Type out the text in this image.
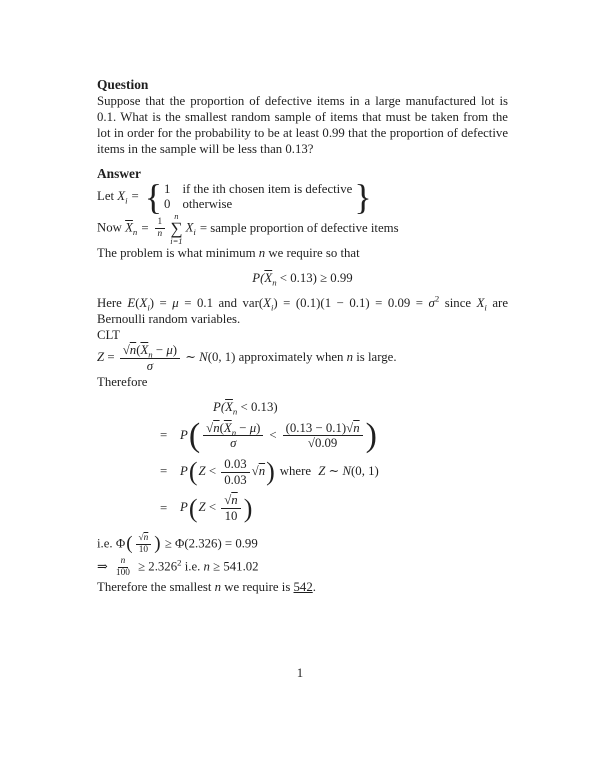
Question

Suppose that the proportion of defective items in a large manufactured lot is 0.1. What is the smallest random sample of items that must be taken from the lot in order for the probability to be at least 0.99 that the proportion of defective items in the sample will be less than 0.13?

Answer
Let $X_i$ = { 1 if the ith chosen item is defective
0 otherwise	}
Now $\overline{X}_n = \frac{1}{n}$
n
∑
i=1
$X_i$ = sample proportion of defective items

The problem is what minimum n we require so that

$P(\overline{X}_n < 0.13) \ge 0.99$

Here $E(X_i) = \mu = 0.1$ and $var(X_i) = (0.1)(1 - 0.1) = 0.09 = \sigma^2$ since $X_i$ are Bernoulli random variables.

CLT
$Z = \frac{√n(\overline{X}_n - \mu)}{\sigma}$ ∼ N(0, 1) approximately when n is large.
Therefore
$P(\overline{X}_n < 0.13)$
= $P( \frac{√n(\overline{X}_n - \mu)}{\sigma} < \frac{(0.13 - 0.1)√n}{√0.09}$ )
= $P(Z < \frac{0.03}{0.03} √n)$ where Z ∼ N(0, 1)
= $P(Z < \frac{√n}{10}$ )
i.e. $\Phi( \frac{√n}{10}$ ) ≥ Φ(2.326) = 0.99
⇒ $\frac{n}{100} \ge 2.326^2$ i.e. n ≥ 541.02

Therefore the smallest n we require is 542.

1
